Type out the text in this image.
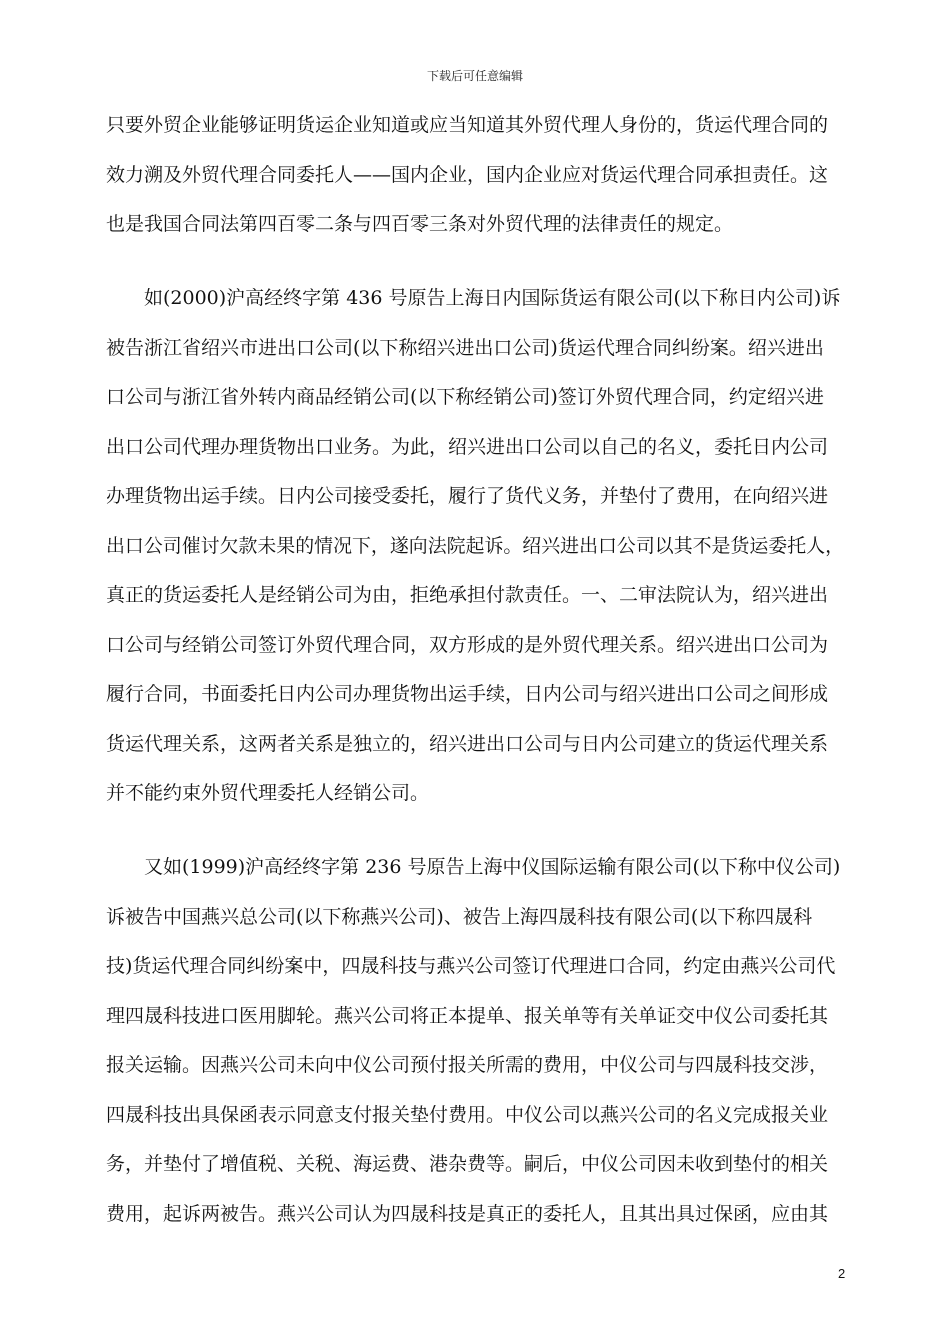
下载后可任意编辑
只要外贸企业能够证明货运企业知道或应当知道其外贸代理人身份的，货运代理合同的
效力溯及外贸代理合同委托人——国内企业，国内企业应对货运代理合同承担责任。这
也是我国合同法第四百零二条与四百零三条对外贸代理的法律责任的规定。
如(2000)沪高经终字第 436 号原告上海日内国际货运有限公司(以下称日内公司)诉
被告浙江省绍兴市进出口公司(以下称绍兴进出口公司)货运代理合同纠纷案。绍兴进出
口公司与浙江省外转内商品经销公司(以下称经销公司)签订外贸代理合同，约定绍兴进
出口公司代理办理货物出口业务。为此，绍兴进出口公司以自己的名义，委托日内公司
办理货物出运手续。日内公司接受委托，履行了货代义务，并垫付了费用，在向绍兴进
出口公司催讨欠款未果的情况下，遂向法院起诉。绍兴进出口公司以其不是货运委托人，
真正的货运委托人是经销公司为由，拒绝承担付款责任。一、二审法院认为，绍兴进出
口公司与经销公司签订外贸代理合同，双方形成的是外贸代理关系。绍兴进出口公司为
履行合同，书面委托日内公司办理货物出运手续，日内公司与绍兴进出口公司之间形成
货运代理关系，这两者关系是独立的，绍兴进出口公司与日内公司建立的货运代理关系
并不能约束外贸代理委托人经销公司。
又如(1999)沪高经终字第 236 号原告上海中仪国际运输有限公司(以下称中仪公司)
诉被告中国燕兴总公司(以下称燕兴公司)、被告上海四晟科技有限公司(以下称四晟科
技)货运代理合同纠纷案中，四晟科技与燕兴公司签订代理进口合同，约定由燕兴公司代
理四晟科技进口医用脚轮。燕兴公司将正本提单、报关单等有关单证交中仪公司委托其
报关运输。因燕兴公司未向中仪公司预付报关所需的费用，中仪公司与四晟科技交涉，
四晟科技出具保函表示同意支付报关垫付费用。中仪公司以燕兴公司的名义完成报关业
务，并垫付了增值税、关税、海运费、港杂费等。嗣后，中仪公司因未收到垫付的相关
费用，起诉两被告。燕兴公司认为四晟科技是真正的委托人，且其出具过保函，应由其
2
